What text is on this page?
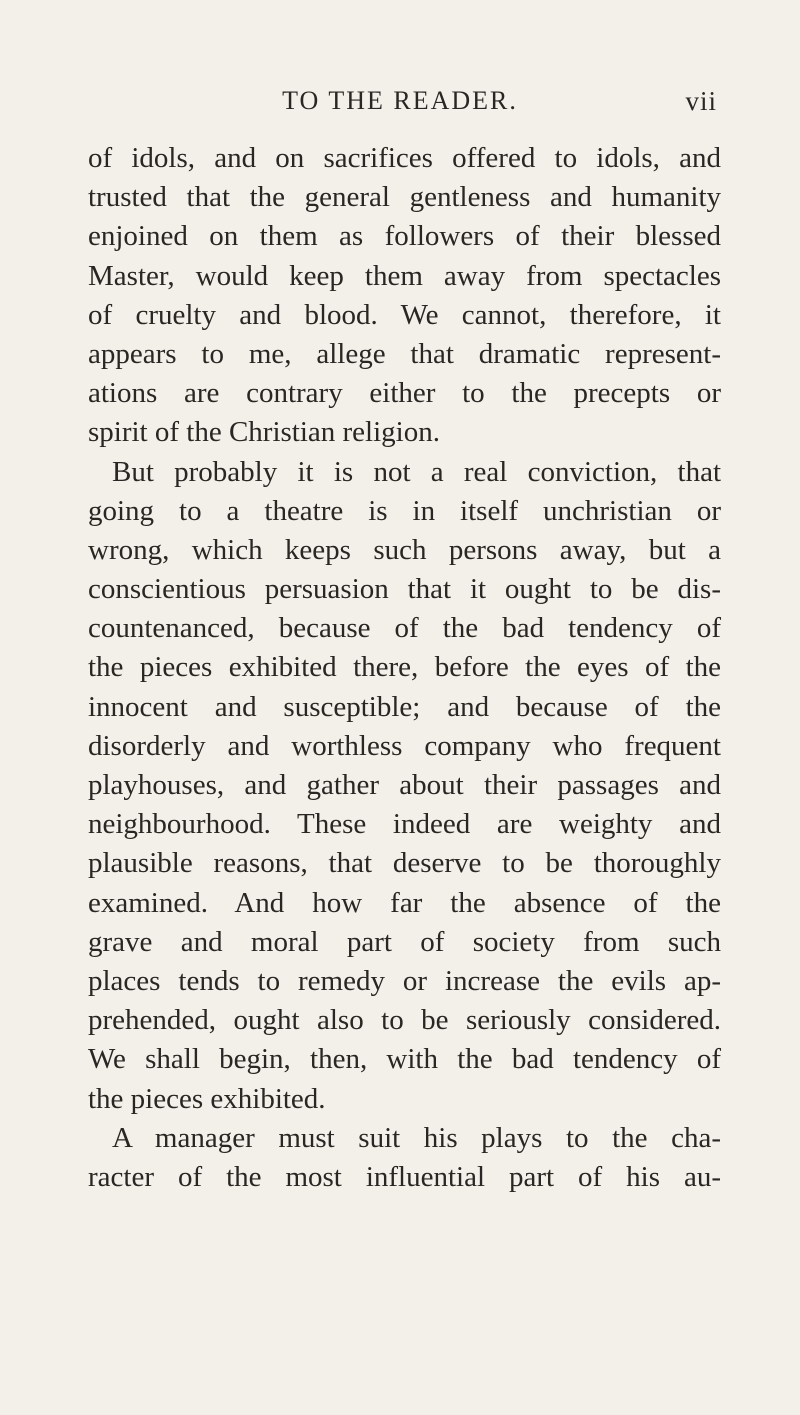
TO THE READER.	vii
of idols, and on sacrifices offered to idols, and
trusted that the general gentleness and humanity
enjoined on them as followers of their blessed
Master, would keep them away from spectacles
of cruelty and blood. We cannot, therefore, it
appears to me, allege that dramatic represent-
ations are contrary either to the precepts or
spirit of the Christian religion.
But probably it is not a real conviction, that
going to a theatre is in itself unchristian or
wrong, which keeps such persons away, but a
conscientious persuasion that it ought to be dis-
countenanced, because of the bad tendency of
the pieces exhibited there, before the eyes of the
innocent and susceptible; and because of the
disorderly and worthless company who frequent
playhouses, and gather about their passages and
neighbourhood. These indeed are weighty and
plausible reasons, that deserve to be thoroughly
examined. And how far the absence of the
grave and moral part of society from such
places tends to remedy or increase the evils ap-
prehended, ought also to be seriously considered.
We shall begin, then, with the bad tendency of
the pieces exhibited.
A manager must suit his plays to the cha-
racter of the most influential part of his au-
